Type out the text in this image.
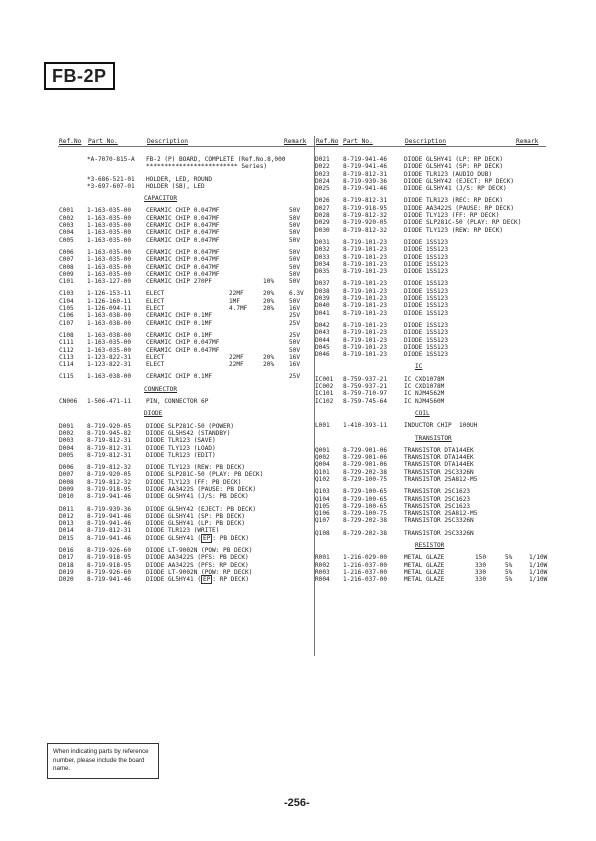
FB-2P
Ref.No Part No.	Description	Remark Ref.No Part No.	Description	Remark
*A-7070-815-A FB-2 (P) BOARD, COMPLETE (Ref.No.8,000
************************* Series)
*3-686-521-01 HOLDER, LED, ROUND
*3-697-607-01 HOLDER (SB), LED
CAPACITOR
C001 1-163-035-00 CERAMIC CHIP 0.047MF	50V
C002 1-163-035-00 CERAMIC CHIP 0.047MF	50V
C003 1-163-035-00 CERAMIC CHIP 0.047MF	50V
C004 1-163-035-00 CERAMIC CHIP 0.047MF	50V
C005 1-163-035-00 CERAMIC CHIP 0.047MF	50V
C006 1-163-035-00 CERAMIC CHIP 0.047MF	50V
C007 1-163-035-00 CERAMIC CHIP 0.047MF	50V
C008 1-163-035-00 CERAMIC CHIP 0.047MF	50V
C009 1-163-035-00 CERAMIC CHIP 0.047MF	50V
C101 1-163-127-00 CERAMIC CHIP 270PF	10% 50V
C103 1-126-153-11 ELECT	22MF	20% 6.3V
C104 1-126-160-11 ELECT	1MF	20% 50V
C105 1-126-094-11 ELECT	4.7MF	20% 16V
C106 1-163-038-00 CERAMIC CHIP 0.1MF	25V
C107 1-163-038-00 CERAMIC CHIP 0.1MF	25V
C108 1-163-038-00 CERAMIC CHIP 0.1MF	25V
C111 1-163-035-00 CERAMIC CHIP 0.047MF	50V
C112 1-163-035-00 CERAMIC CHIP 0.047MF	50V
C113 1-123-822-31 ELECT	22MF	20% 16V
C114 1-123-822-31 ELECT	22MF	20% 16V
C115 1-163-038-00 CERAMIC CHIP 0.1MF	25V
CONNECTOR
CN006 1-506-471-11 PIN, CONNECTOR 6P
DIODE
D001 8-719-920-05 DIODE SLP281C-50 (POWER)
D002 8-719-945-82 DIODE GL5HS42 (STANDBY)
D003 8-719-812-31 DIODE TLR123 (SAVE)
D004 8-719-812-31 DIODE TLY123 (LOAD)
D005 8-719-812-31 DIODE TLR123 (EDIT)
D006 8-719-812-32 DIODE TLY123 (REW: PB DECK)
D007 8-719-920-05 DIODE SLP281C-50 (PLAY: PB DECK)
D008 8-719-812-32 DIODE TLY123 (FF: PB DECK)
D009 8-719-918-95 DIODE AA3422S (PAUSE: PB DECK)
D010 8-719-941-46 DIODE GL5HY41 (J/S: PB DECK)
D011 8-719-939-36 DIODE GL5HY42 (EJECT: PB DECK)
D012 8-719-941-46 DIODE GL5HY41 (SP: PB DECK)
D013 8-719-941-46 DIODE GL5HY41 (LP: PB DECK)
D014 8-719-812-31 DIODE TLR123 (WRITE)
D015 8-719-941-46 DIODE GL5HY41 ( EP : PB DECK)
D016 8-719-926-60 DIODE LT-9002N (POW: PB DECK)
D017 8-719-918-95 DIODE AA3422S (PFS: PB DECK)
D018 8-719-918-95 DIODE AA3422S (PFS: RP DECK)
D019 8-719-926-60 DIODE LT-9002N (POW: RP DECK)
D020 8-719-941-46 DIODE GL5HY41 ( EP : RP DECK)
D021 8-719-941-46	DIODE GL5HY41 (LP: RP DECK)
D022 8-719-941-46	DIODE GL5HY41 (SP: RP DECK)
D023 8-719-812-31	DIODE TLR123 (AUDIO DUB)
D024 8-719-939-36	DIODE GL5HY42 (EJECT: RP DECK)
D025 8-719-941-46	DIODE GL5HY41 (J/S: RP DECK)
D026 8-719-812-31	DIODE TLR123 (REC: RP DECK)
D027 8-719-918-95	DIODE AA3422S (PAUSE: RP DECK)
D028 8-719-812-32	DIODE TLY123 (FF: RP DECK)
D029 8-719-920-05	DIODE SLP281C-50 (PLAY: RP DECK)
D030 8-719-812-32	DIODE TLY123 (REW: RP DECK)
D031 8-719-101-23	DIODE 1SS123
D032 8-719-101-23	DIODE 1SS123
D033 8-719-101-23	DIODE 1SS123
D034 8-719-101-23	DIODE 1SS123
D035 8-719-101-23	DIODE 1SS123
D037 8-719-101-23	DIODE 1SS123
D038 8-719-101-23	DIODE 1SS123
D039 8-719-101-23	DIODE 1SS123
D040 8-719-101-23	DIODE 1SS123
D041 8-719-101-23	DIODE 1SS123
D042 8-719-101-23	DIODE 1SS123
D043 8-719-101-23	DIODE 1SS123
D044 8-719-101-23	DIODE 1SS123
D045 8-719-101-23	DIODE 1SS123
D046 8-719-101-23	DIODE 1SS123
IC
IC001 8-759-937-21	IC CXD1078M
IC002 8-759-937-21	IC CXD1078M
IC101 8-759-710-97	IC NJM4562M
IC102 8-759-745-64	IC NJM4560M
COIL
L001 1-410-393-11	INDUCTOR CHIP  100UH
TRANSISTOR
Q001 8-729-901-06	TRANSISTOR DTA144EK
Q002 8-729-901-06	TRANSISTOR DTA144EK
Q004 8-729-901-06	TRANSISTOR DTA144EK
Q101 8-729-202-38	TRANSISTOR 2SC3326N
Q102 8-729-100-75	TRANSISTOR 2SA812-M5
Q103 8-729-100-65	TRANSISTOR 2SC1623
Q104 8-729-100-65	TRANSISTOR 2SC1623
Q105 8-729-100-65	TRANSISTOR 2SC1623
Q106 8-729-100-75	TRANSISTOR 2SA812-M5
Q107 8-729-202-38	TRANSISTOR 2SC3326N
Q108 8-729-202-38	TRANSISTOR 2SC3326N
RESISTOR
R001 1-216-029-00	METAL GLAZE	150	5%	1/10W
R002 1-216-037-00	METAL GLAZE	330	5%	1/10W
R003 1-216-037-00	METAL GLAZE	330	5%	1/10W
R004 1-216-037-00	METAL GLAZE	330	5%	1/10W
When indicating parts by reference number, please include the board name.
-256-
